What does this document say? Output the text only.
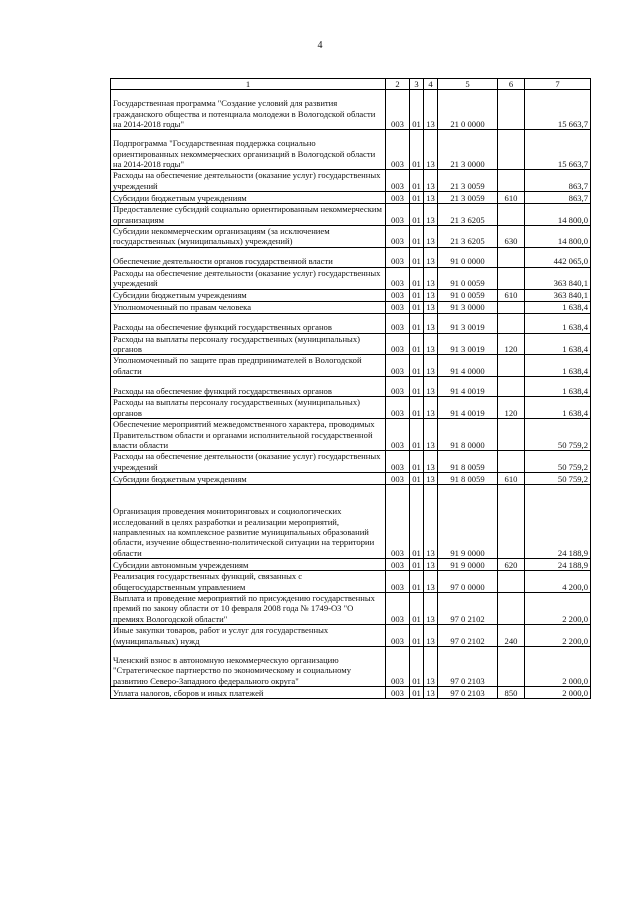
4
1	2	3	4	5	6	7
Государственная программа "Создание условий для развития гражданского общества и потенциала молодежи в Вологодской области на 2014-2018 годы"	003	01	13	21 0 0000		15 663,7
Подпрограмма "Государственная поддержка социально ориентированных некоммерческих организаций в Вологодской области на 2014-2018 годы"	003	01	13	21 3 0000		15 663,7
Расходы на обеспечение деятельности (оказание услуг) государственных учреждений	003	01	13	21 3 0059		863,7
Субсидии бюджетным учреждениям	003	01	13	21 3 0059	610	863,7
Предоставление субсидий социально ориентированным некоммерческим организациям	003	01	13	21 3 6205		14 800,0
Субсидии некоммерческим организациям (за исключением государственных (муниципальных) учреждений)	003	01	13	21 3 6205	630	14 800,0
Обеспечение деятельности органов государственной власти	003	01	13	91 0 0000		442 065,0
Расходы на обеспечение деятельности (оказание услуг) государственных учреждений	003	01	13	91 0 0059		363 840,1
Субсидии бюджетным учреждениям	003	01	13	91 0 0059	610	363 840,1
Уполномоченный по правам человека	003	01	13	91 3 0000		1 638,4
Расходы на обеспечение функций государственных органов	003	01	13	91 3 0019		1 638,4
Расходы на выплаты персоналу государственных (муниципальных) органов	003	01	13	91 3 0019	120	1 638,4
Уполномоченный по защите прав предпринимателей в Вологодской области	003	01	13	91 4 0000		1 638,4
Расходы на обеспечение функций государственных органов	003	01	13	91 4 0019		1 638,4
Расходы на выплаты персоналу государственных (муниципальных) органов	003	01	13	91 4 0019	120	1 638,4
Обеспечение мероприятий межведомственного характера, проводимых Правительством области и органами исполнительной государственной власти области	003	01	13	91 8 0000		50 759,2
Расходы на обеспечение деятельности (оказание услуг) государственных учреждений	003	01	13	91 8 0059		50 759,2
Субсидии бюджетным учреждениям	003	01	13	91 8 0059	610	50 759,2
Организация проведения мониторинговых и социологических исследований в целях разработки и реализации мероприятий, направленных на комплексное развитие муниципальных образований области, изучение общественно-политической ситуации на территории области	003	01	13	91 9 0000		24 188,9
Субсидии автономным учреждениям	003	01	13	91 9 0000	620	24 188,9
Реализация государственных функций, связанных с общегосударственным управлением	003	01	13	97 0 0000		4 200,0
Выплата и проведение мероприятий по присуждению государственных премий по закону области от 10 февраля 2008 года № 1749-ОЗ "О премиях Вологодской области"	003	01	13	97 0 2102		2 200,0
Иные закупки товаров, работ и услуг для государственных (муниципальных) нужд	003	01	13	97 0 2102	240	2 200,0
Членский взнос в автономную некоммерческую организацию "Стратегическое партнерство по экономическому и социальному развитию Северо-Западного федерального округа"	003	01	13	97 0 2103		2 000,0
Уплата налогов, сборов и иных платежей	003	01	13	97 0 2103	850	2 000,0
